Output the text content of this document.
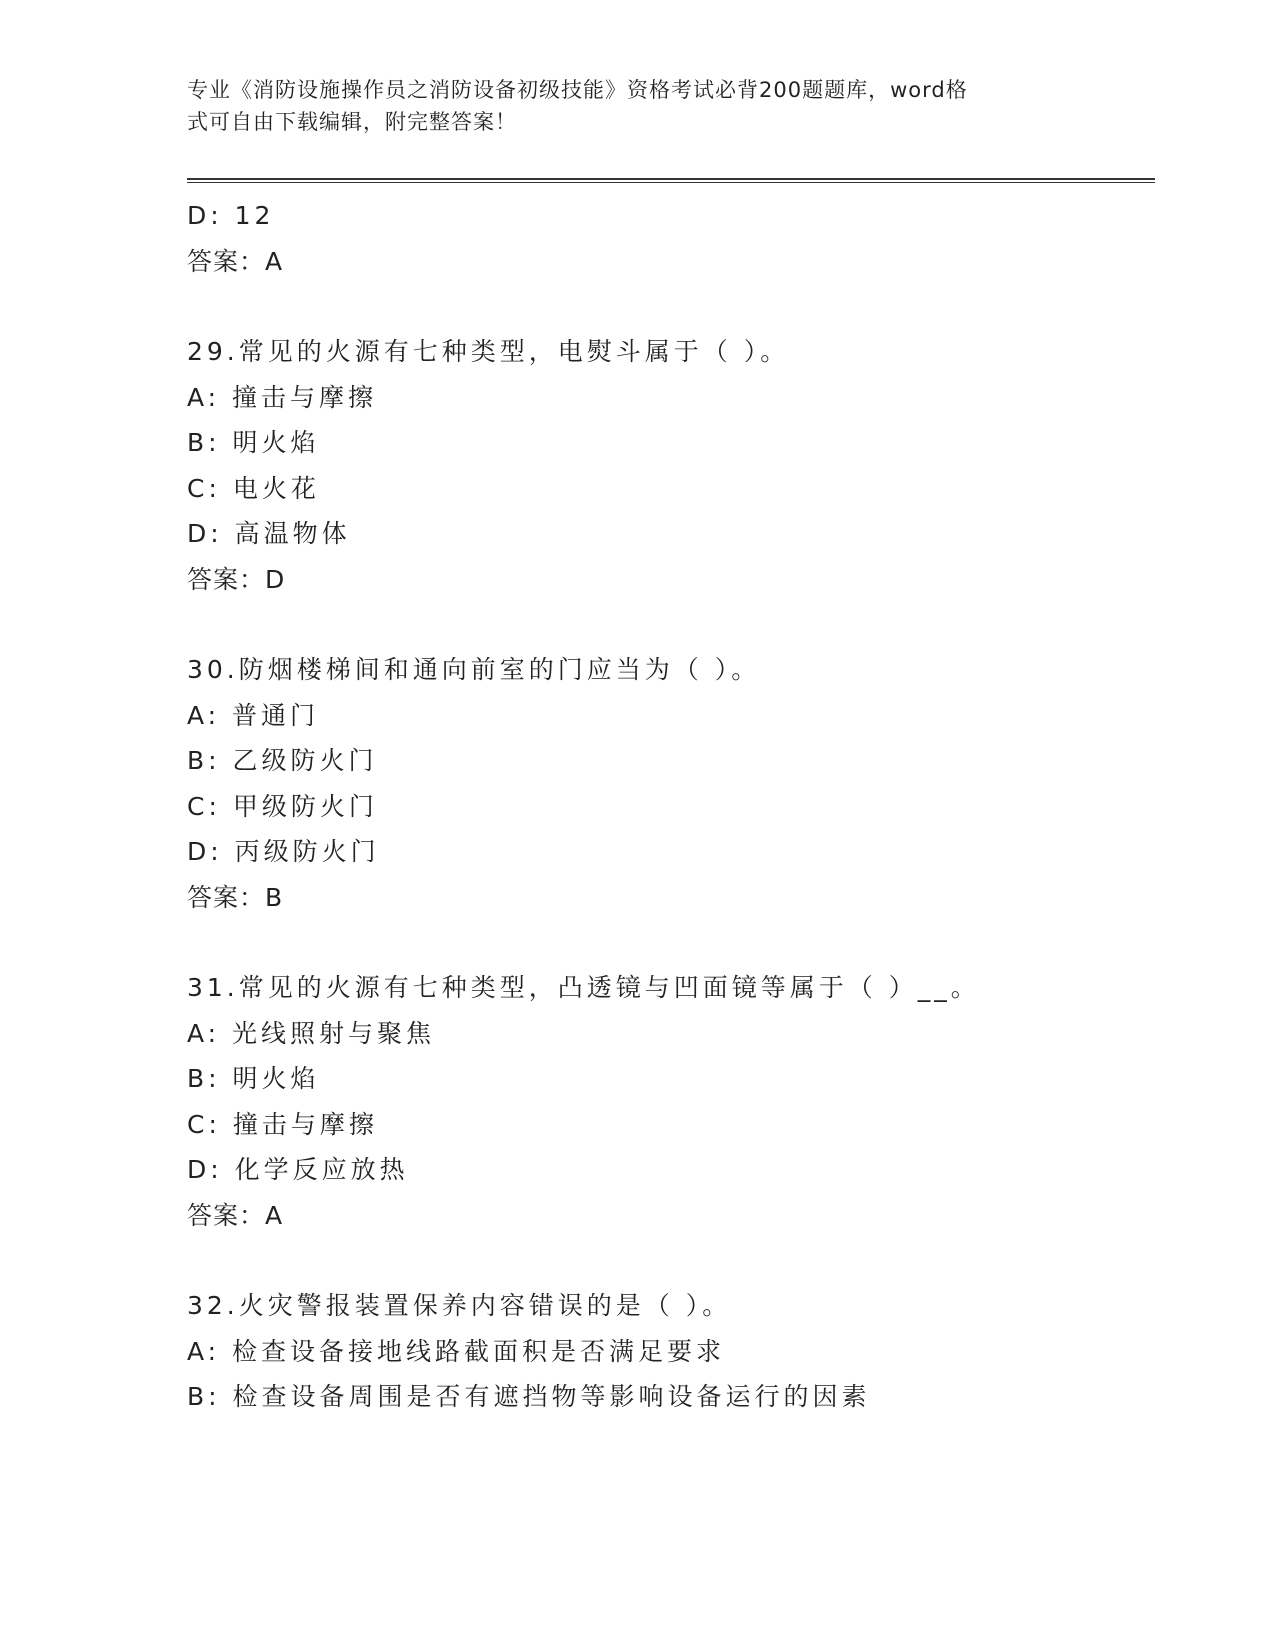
专业《消防设施操作员之消防设备初级技能》资格考试必背200题题库，word格
式可自由下载编辑，附完整答案！
D: 12
答案：A
29.常见的火源有七种类型，电熨斗属于（ ）。
A: 撞击与摩擦
B: 明火焰
C: 电火花
D: 高温物体
答案：D
30.防烟楼梯间和通向前室的门应当为（ ）。
A: 普通门
B: 乙级防火门
C: 甲级防火门
D: 丙级防火门
答案：B
31.常见的火源有七种类型，凸透镜与凹面镜等属于（ ）__。
A: 光线照射与聚焦
B: 明火焰
C: 撞击与摩擦
D: 化学反应放热
答案：A
32.火灾警报装置保养内容错误的是（ ）。
A: 检查设备接地线路截面积是否满足要求
B: 检查设备周围是否有遮挡物等影响设备运行的因素
